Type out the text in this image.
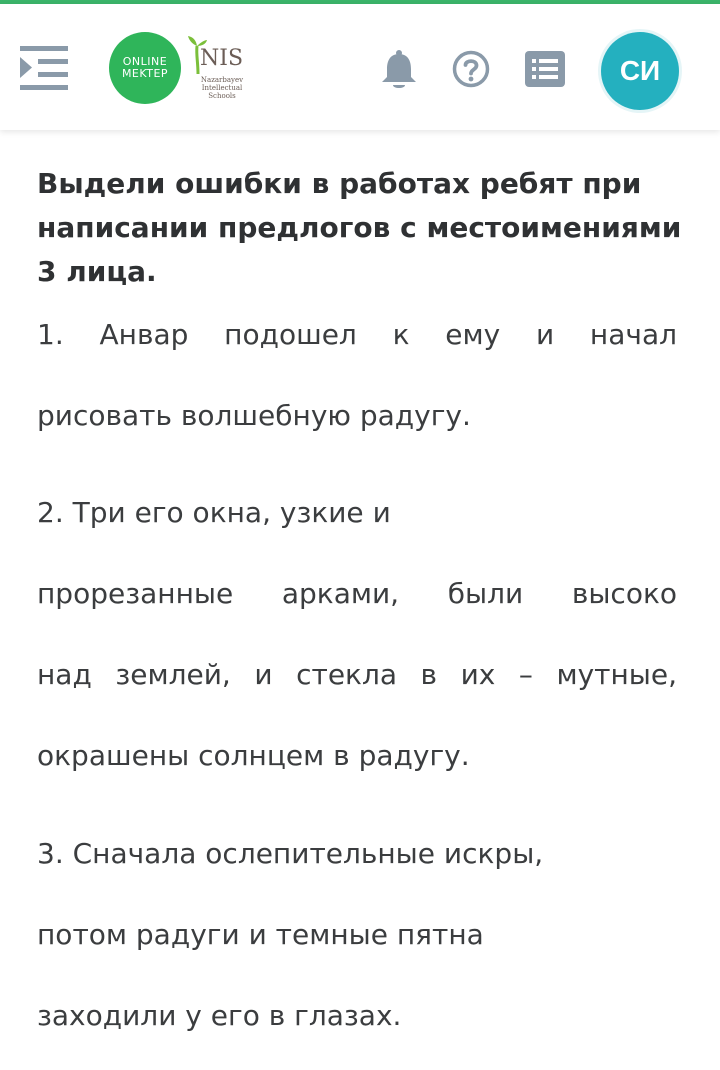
ONLINE
MEKTEP
NIS
Nazarbayev Intellectual Schools
СИ
Выдели ошибки в работах ребят при написании предлогов с местоимениями 3 лица.
1. Анвар подошел к ему и начал
рисовать волшебную радугу.
2. Три его окна, узкие и
прорезанные арками, были высоко
над землей, и стекла в их – мутные,
окрашены солнцем в радугу.
3. Сначала ослепительные искры,
потом радуги и темные пятна
заходили у его в глазах.
